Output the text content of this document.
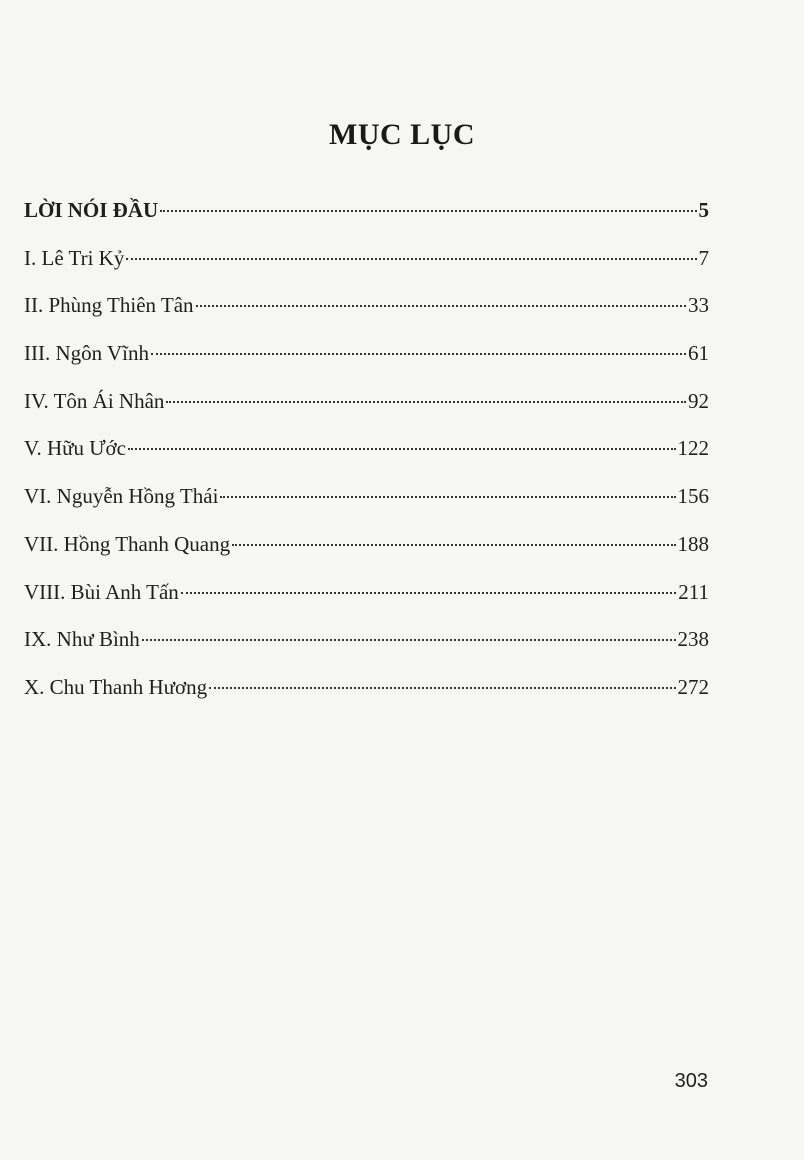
MỤC LỤC
LỜI NÓI ĐẦU	5
I. Lê Tri Kỷ	7
II. Phùng Thiên Tân	33
III. Ngôn Vĩnh	61
IV. Tôn Ái Nhân	92
V. Hữu Ước	122
VI. Nguyễn Hồng Thái	156
VII. Hồng Thanh Quang	188
VIII. Bùi Anh Tấn	211
IX. Như Bình	238
X. Chu Thanh Hương	272
303
